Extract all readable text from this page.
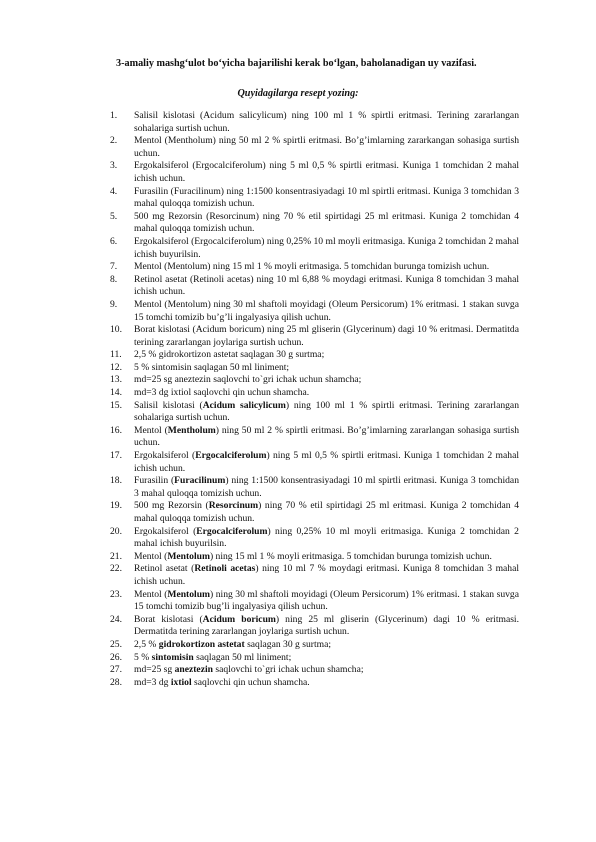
3-amaliy mashg‘ulot bo‘yicha bajarilishi kerak bo‘lgan, baholanadigan uy vazifasi.
Quyidagilarga resept yozing:
1.	Salisil kislotasi (Acidum salicylicum) ning 100 ml 1 % spirtli eritmasi. Terining zararlangan sohalariga surtish uchun.
2.	Mentol (Mentholum) ning 50 ml 2 % spirtli eritmasi. Bo’g’imlarning zararkangan sohasiga surtish uchun.
3.	Ergokalsiferol (Ergocalciferolum) ning 5 ml 0,5 % spirtli eritmasi. Kuniga 1 tomchidan 2 mahal ichish uchun.
4.	Furasilin (Furacilinum) ning 1:1500 konsentrasiyadagi 10 ml spirtli eritmasi. Kuniga 3 tomchidan 3 mahal quloqqa tomizish uchun.
5.	500 mg Rezorsin (Resorcinum) ning 70 % etil spirtidagi 25 ml eritmasi. Kuniga 2 tomchidan 4 mahal quloqqa tomizish uchun.
6.	Ergokalsiferol (Ergocalciferolum) ning 0,25% 10 ml moyli eritmasiga. Kuniga 2 tomchidan 2 mahal ichish buyurilsin.
7.	Mentol (Mentolum) ning 15 ml 1 % moyli eritmasiga. 5 tomchidan burunga tomizish uchun.
8.	Retinol asetat (Retinoli acetas) ning 10 ml 6,88 % moydagi eritmasi. Kuniga 8 tomchidan 3 mahal ichish uchun.
9.	Mentol (Mentolum) ning 30 ml shaftoli moyidagi (Oleum Persicorum) 1% eritmasi. 1 stakan suvga 15 tomchi tomizib bu’g’li ingalyasiya qilish uchun.
10.	Borat kislotasi (Acidum boricum) ning 25 ml gliserin (Glycerinum) dagi 10 % eritmasi. Dermatitda terining zararlangan joylariga surtish uchun.
11.	2,5 % gidrokortizon astetat saqlagan 30 g surtma;
12.	5 % sintomisin saqlagan 50 ml liniment;
13.	md=25 sg aneztezin saqlovchi to`gri ichak uchun shamcha;
14.	md=3 dg ixtiol saqlovchi qin uchun shamcha.
15.	Salisil kislotasi (Acidum salicylicum) ning 100 ml 1 % spirtli eritmasi. Terining zararlangan sohalariga surtish uchun.
16.	Mentol (Mentholum) ning 50 ml 2 % spirtli eritmasi. Bo’g’imlarning zararlangan sohasiga surtish uchun.
17.	Ergokalsiferol (Ergocalciferolum) ning 5 ml 0,5 % spirtli eritmasi. Kuniga 1 tomchidan 2 mahal ichish uchun.
18.	Furasilin (Furacilinum) ning 1:1500 konsentrasiyadagi 10 ml spirtli eritmasi. Kuniga 3 tomchidan 3 mahal quloqqa tomizish uchun.
19.	500 mg Rezorsin (Resorcinum) ning 70 % etil spirtidagi 25 ml eritmasi. Kuniga 2 tomchidan 4 mahal quloqqa tomizish uchun.
20.	Ergokalsiferol (Ergocalciferolum) ning 0,25% 10 ml moyli eritmasiga. Kuniga 2 tomchidan 2 mahal ichish buyurilsin.
21.	Mentol (Mentolum) ning 15 ml 1 % moyli eritmasiga. 5 tomchidan burunga tomizish uchun.
22.	Retinol asetat (Retinoli acetas) ning 10 ml 7 % moydagi eritmasi. Kuniga 8 tomchidan 3 mahal ichish uchun.
23.	Mentol (Mentolum) ning 30 ml shaftoli moyidagi (Oleum Persicorum) 1% eritmasi. 1 stakan suvga 15 tomchi tomizib bug’li ingalyasiya qilish uchun.
24.	Borat kislotasi (Acidum boricum) ning 25 ml gliserin (Glycerinum) dagi 10 % eritmasi. Dermatitda terining zararlangan joylariga surtish uchun.
25.	2,5 % gidrokortizon astetat saqlagan 30 g surtma;
26.	5 % sintomisin saqlagan 50 ml liniment;
27.	md=25 sg aneztezin saqlovchi to`gri ichak uchun shamcha;
28.	md=3 dg ixtiol saqlovchi qin uchun shamcha.
